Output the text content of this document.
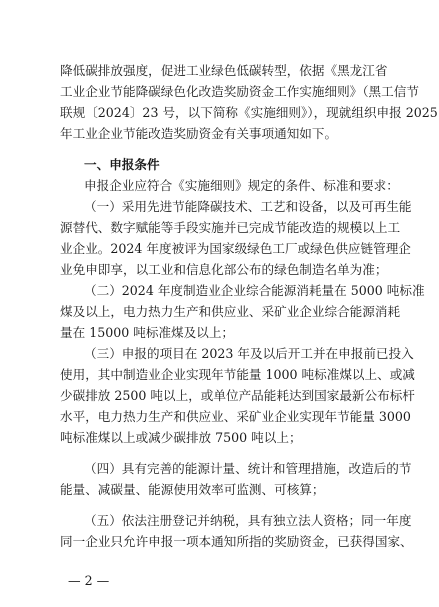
降低碳排放强度，促进工业绿色低碳转型，依据《黑龙江省

工业企业节能降碳绿色化改造奖励资金工作实施细则》（黑工信节

联规〔2024〕23 号，以下简称《实施细则》），现就组织申报 2025

年工业企业节能改造奖励资金有关事项通知如下。

一、申报条件

申报企业应符合《实施细则》规定的条件、标准和要求：

（一）采用先进节能降碳技术、工艺和设备，以及可再生能

源替代、数字赋能等手段实施并已完成节能改造的规模以上工

业企业。2024 年度被评为国家级绿色工厂或绿色供应链管理企

业免申即享，以工业和信息化部公布的绿色制造名单为准；

（二）2024 年度制造业企业综合能源消耗量在 5000 吨标准

煤及以上，电力热力生产和供应业、采矿业企业综合能源消耗

量在 15000 吨标准煤及以上；

（三）申报的项目在 2023 年及以后开工并在申报前已投入

使用，其中制造业企业实现年节能量 1000 吨标准煤以上、或减

少碳排放 2500 吨以上，或单位产品能耗达到国家最新公布标杆

水平，电力热力生产和供应业、采矿业企业实现年节能量 3000

吨标准煤以上或减少碳排放 7500 吨以上；

（四）具有完善的能源计量、统计和管理措施，改造后的节

能量、减碳量、能源使用效率可监测、可核算；

（五）依法注册登记并纳税，具有独立法人资格；同一年度

同一企业只允许申报一项本通知所指的奖励资金，已获得国家、

— 2 —
